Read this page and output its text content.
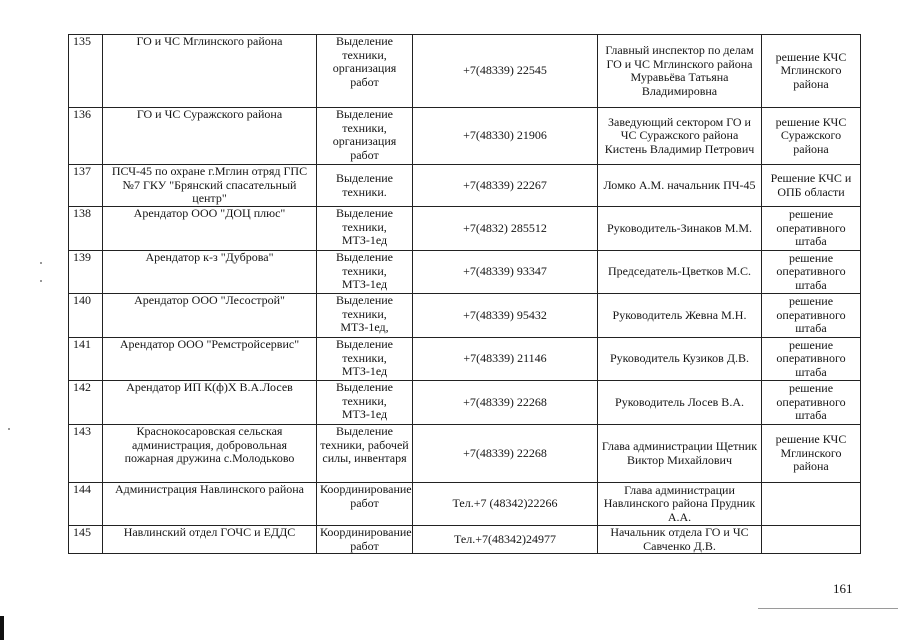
135	ГО и ЧС Мглинского района	Выделение техники, организация работ	+7(48339) 22545	Главный инспектор по делам ГО и ЧС Мглинского района Муравьёва Татьяна Владимировна	решение КЧС Мглинского района
136	ГО и ЧС Суражского района	Выделение техники, организация работ	+7(48330) 21906	Заведующий сектором ГО и ЧС Суражского района Кистень Владимир Петрович	решение КЧС Суражского района
137	ПСЧ-45 по охране г.Мглин отряд ГПС №7 ГКУ "Брянский спасательный центр"	Выделение техники.	+7(48339) 22267	Ломко А.М. начальник ПЧ-45	Решение КЧС и ОПБ области
138	Арендатор ООО "ДОЦ плюс"	Выделение техники, МТЗ-1ед	+7(4832) 285512	Руководитель-Зинаков М.М.	решение оперативного штаба
139	Арендатор к-з "Дуброва"	Выделение техники, МТЗ-1ед	+7(48339) 93347	Председатель-Цветков М.С.	решение оперативного штаба
140	Арендатор ООО "Лесострой"	Выделение техники, МТЗ-1ед,	+7(48339) 95432	Руководитель Жевна М.Н.	решение оперативного штаба
141	Арендатор ООО "Ремстройсервис"	Выделение техники, МТЗ-1ед	+7(48339) 21146	Руководитель Кузиков Д.В.	решение оперативного штаба
142	Арендатор ИП К(ф)Х В.А.Лосев	Выделение техники, МТЗ-1ед	+7(48339) 22268	Руководитель Лосев В.А.	решение оперативного штаба
143	Краснокосаровская сельская администрация, добровольная пожарная дружина с.Молодьково	Выделение техники, рабочей силы, инвентаря	+7(48339) 22268	Глава администрации Щетник Виктор Михайлович	решение КЧС Мглинского района
144	Администрация Навлинского района	Координирование работ	Тел.+7 (48342)22266	Глава администрации Навлинского района Прудник А.А.	
145	Навлинский отдел ГОЧС и ЕДДС	Координирование работ	Тел.+7(48342)24977	Начальник отдела ГО и ЧС Савченко Д.В.	
161
